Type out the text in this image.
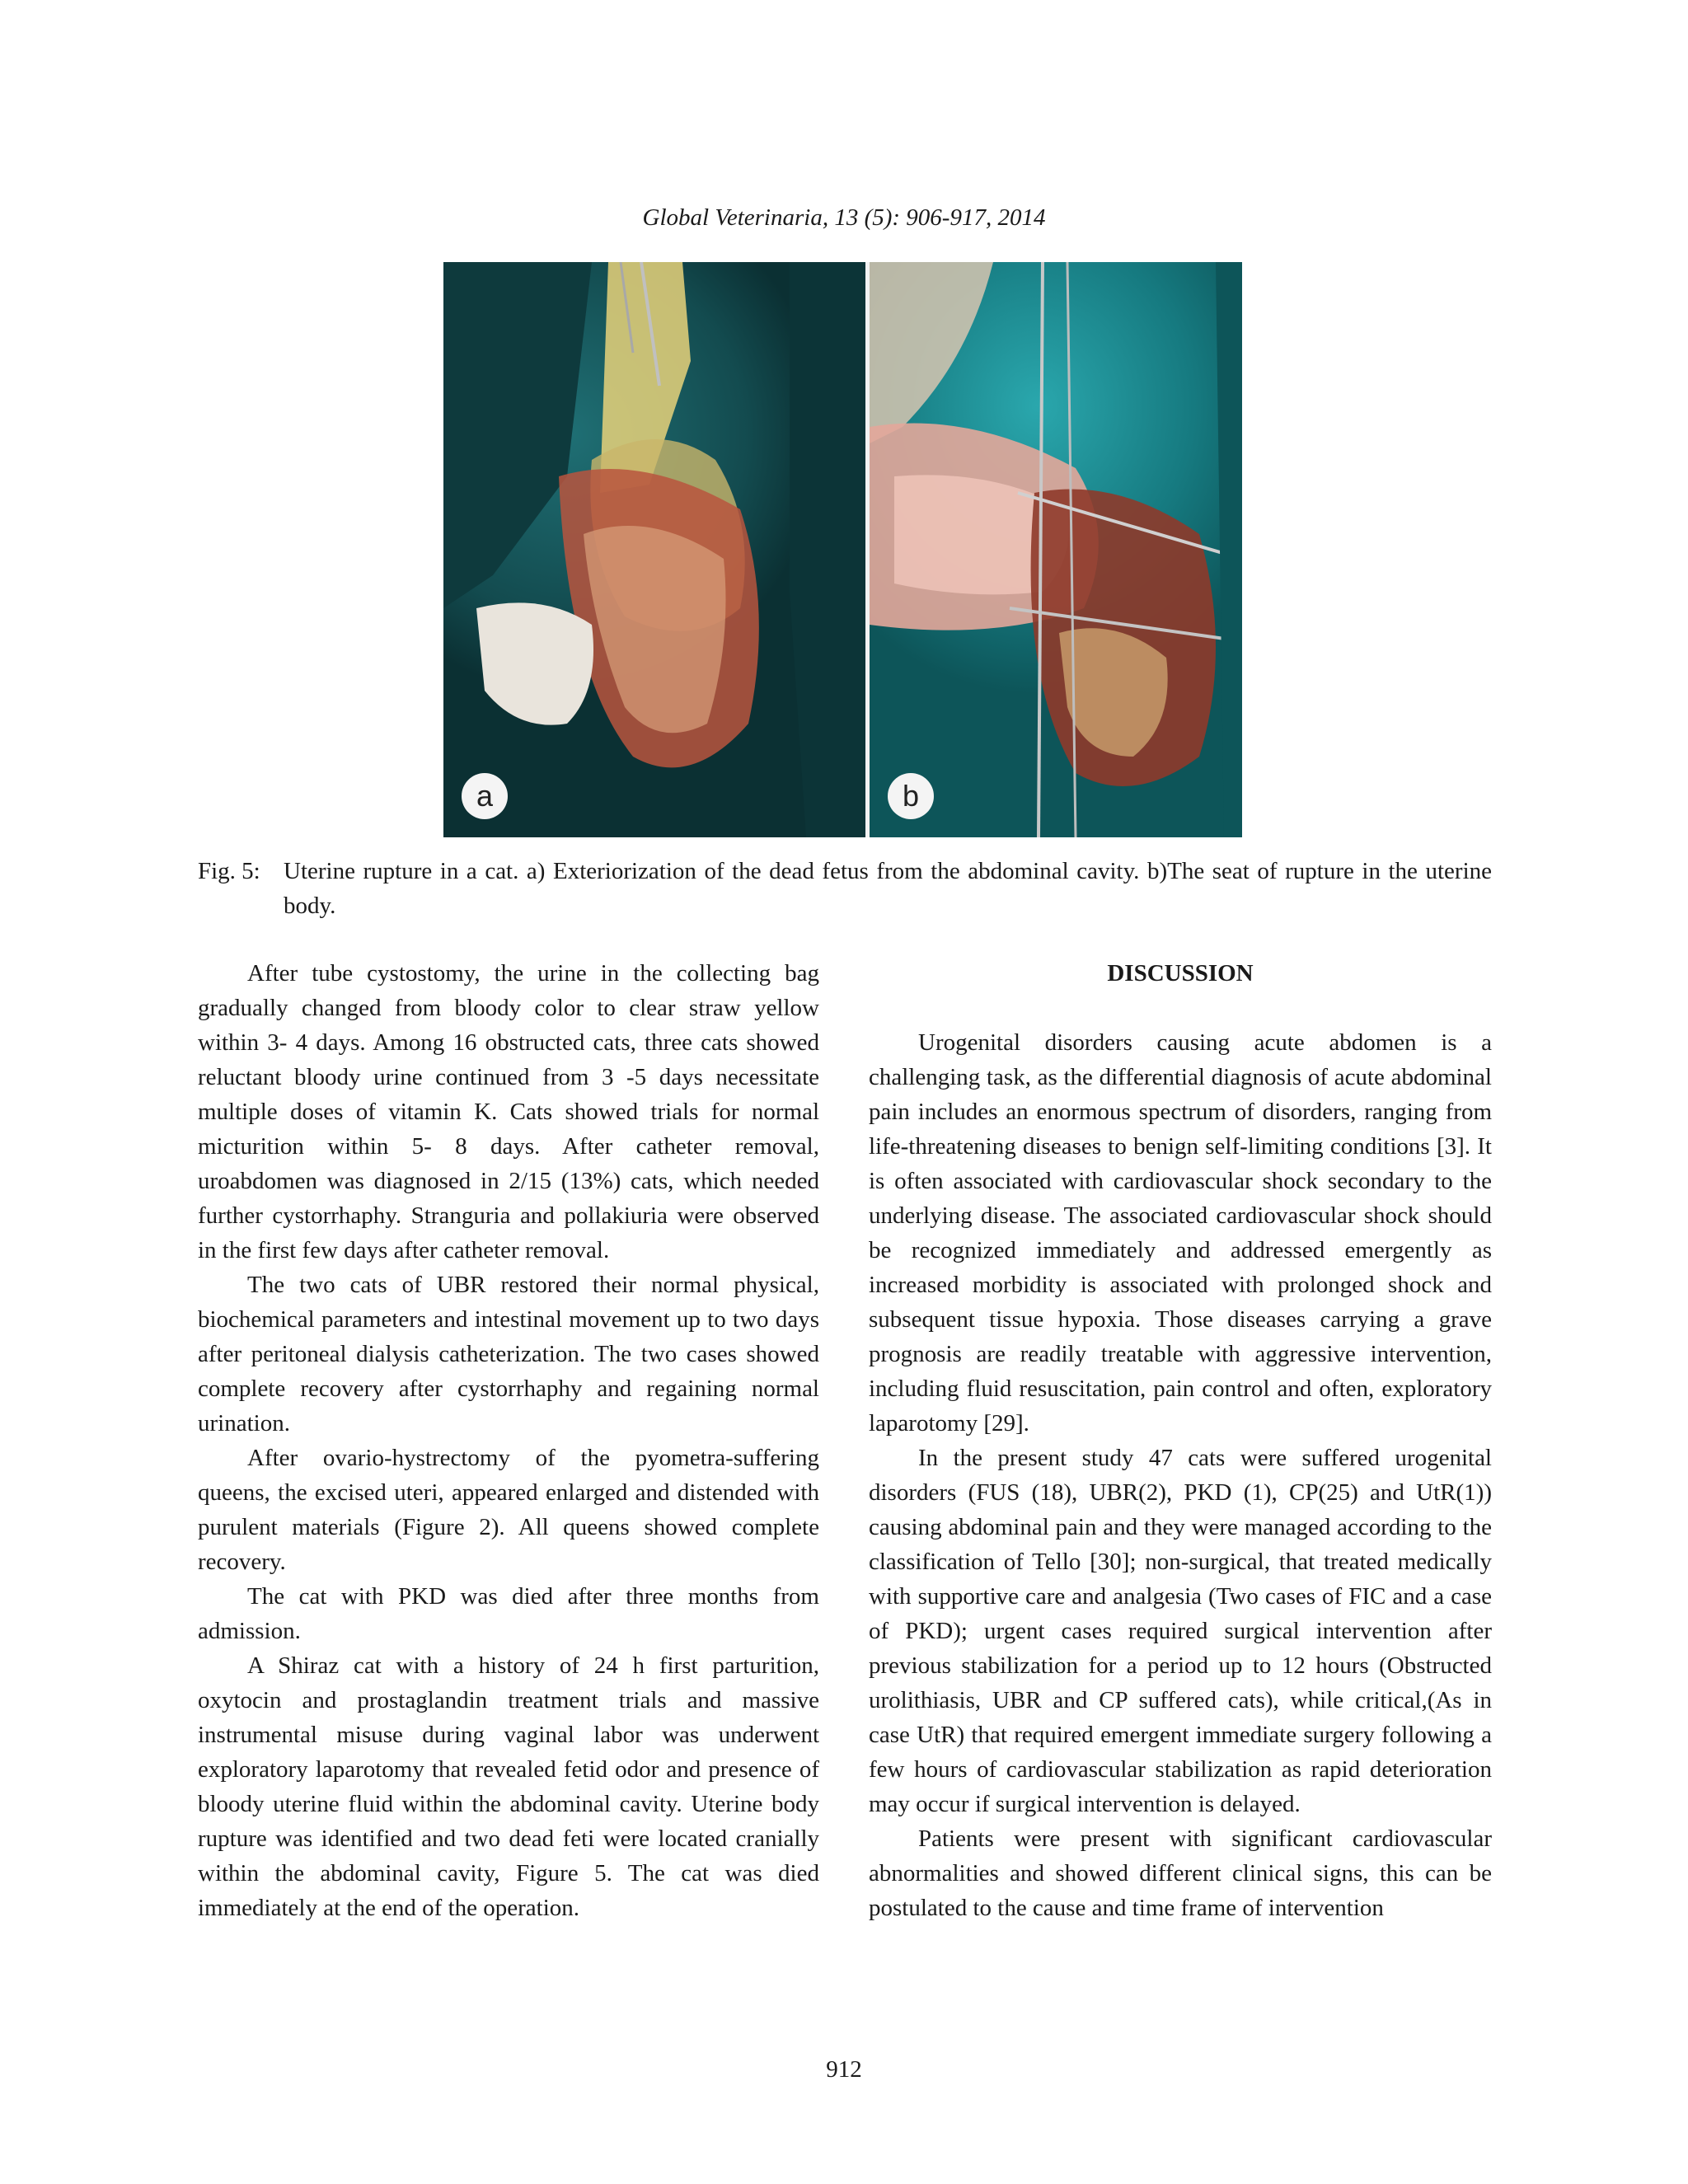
Global Veterinaria, 13 (5): 906-917, 2014
a	b
Fig. 5: Uterine rupture in a cat. a) Exteriorization of the dead fetus from the abdominal cavity. b)The seat of rupture in the uterine body.

After tube cystostomy, the urine in the collecting bag gradually changed from bloody color to clear straw yellow within 3- 4 days. Among 16 obstructed cats, three cats showed reluctant bloody urine continued from 3 -5 days necessitate multiple doses of vitamin K. Cats showed trials for normal micturition within 5- 8 days. After catheter removal, uroabdomen was diagnosed in 2/15 (13%) cats, which needed further cystorrhaphy. Stranguria and pollakiuria were observed in the first few days after catheter removal.

The two cats of UBR restored their normal physical, biochemical parameters and intestinal movement up to two days after peritoneal dialysis catheterization. The two cases showed complete recovery after cystorrhaphy and regaining normal urination.

After ovario-hystrectomy of the pyometra-suffering queens, the excised uteri, appeared enlarged and distended with purulent materials (Figure 2). All queens showed complete recovery.

The cat with PKD was died after three months from admission.

A Shiraz cat with a history of 24 h first parturition, oxytocin and prostaglandin treatment trials and massive instrumental misuse during vaginal labor was underwent exploratory laparotomy that revealed fetid odor and presence of bloody uterine fluid within the abdominal cavity. Uterine body rupture was identified and two dead feti were located cranially within the abdominal cavity, Figure 5. The cat was died immediately at the end of the operation.

DISCUSSION

Urogenital disorders causing acute abdomen is a challenging task, as the differential diagnosis of acute abdominal pain includes an enormous spectrum of disorders, ranging from life-threatening diseases to benign self-limiting conditions [3]. It is often associated with cardiovascular shock secondary to the underlying disease. The associated cardiovascular shock should be recognized immediately and addressed emergently as increased morbidity is associated with prolonged shock and subsequent tissue hypoxia. Those diseases carrying a grave prognosis are readily treatable with aggressive intervention, including fluid resuscitation, pain control and often, exploratory laparotomy [29].

In the present study 47 cats were suffered urogenital disorders (FUS (18), UBR(2), PKD (1), CP(25) and UtR(1)) causing abdominal pain and they were managed according to the classification of Tello [30]; non-surgical, that treated medically with supportive care and analgesia (Two cases of FIC and a case of PKD); urgent cases required surgical intervention after previous stabilization for a period up to 12 hours (Obstructed urolithiasis, UBR and CP suffered cats), while critical,(As in case UtR) that required emergent immediate surgery following a few hours of cardiovascular stabilization as rapid deterioration may occur if surgical intervention is delayed.

Patients were present with significant cardiovascular abnormalities and showed different clinical signs, this can be postulated to the cause and time frame of intervention

912
